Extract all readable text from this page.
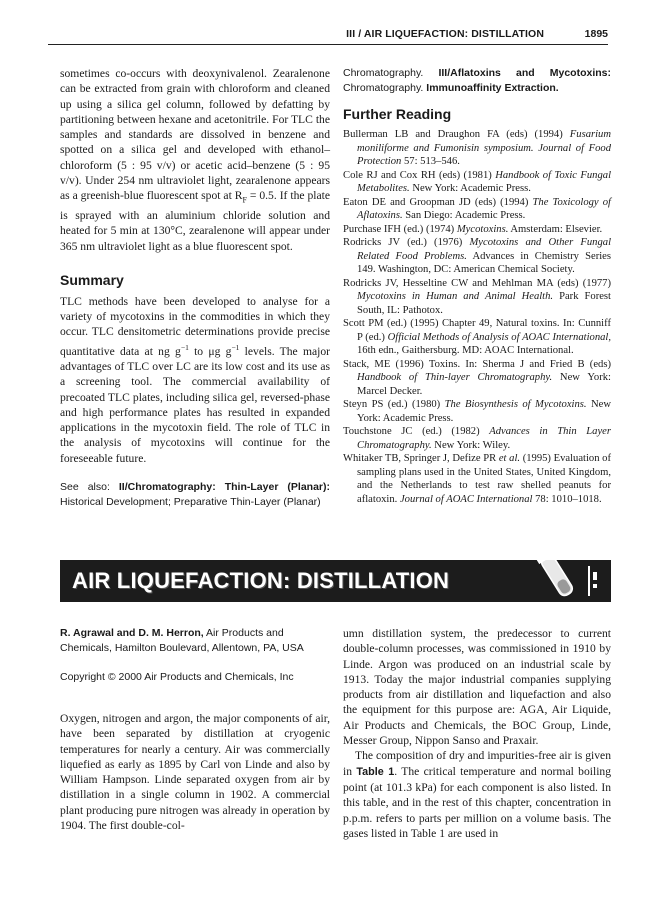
III / AIR LIQUEFACTION: DISTILLATION	1895

sometimes co-occurs with deoxynivalenol. Zearalenone can be extracted from grain with chloroform and cleaned up using a silica gel column, followed by defatting by partitioning between hexane and acetonitrile. For TLC the samples and standards are dissolved in benzene and spotted on a silica gel and developed with ethanol–chloroform (5 : 95 v/v) or acetic acid–benzene (5 : 95 v/v). Under 254 nm ultraviolet light, zearalenone appears as a greenish-blue fluorescent spot at $R_F = 0.5$. If the plate is sprayed with an aluminium chloride solution and heated for 5 min at 130°C, zearalenone will appear under 365 nm ultraviolet light as a blue fluorescent spot.

Summary

TLC methods have been developed to analyse for a variety of mycotoxins in the commodities in which they occur. TLC densitometric determinations provide precise quantitative data at ng $g^{-1}$ to μg $g^{-1}$ levels. The major advantages of TLC over LC are its low cost and its use as a screening tool. The commercial availability of precoated TLC plates, including silica gel, reversed-phase and high performance plates has resulted in expanded applications in the mycotoxin field. The role of TLC in the analysis of mycotoxins will continue for the foreseeable future.

See also: II/Chromatography: Thin-Layer (Planar): Historical Development; Preparative Thin-Layer (Planar)

Chromatography. III/Aflatoxins and Mycotoxins: Chromatography. Immunoaffinity Extraction.

Further Reading

Bullerman LB and Draughon FA (eds) (1994) Fusarium moniliforme and Fumonisin symposium. Journal of Food Protection 57: 513–546.

Cole RJ and Cox RH (eds) (1981) Handbook of Toxic Fungal Metabolites. New York: Academic Press.

Eaton DE and Groopman JD (eds) (1994) The Toxicology of Aflatoxins. San Diego: Academic Press.

Purchase IFH (ed.) (1974) Mycotoxins. Amsterdam: Elsevier.

Rodricks JV (ed.) (1976) Mycotoxins and Other Fungal Related Food Problems. Advances in Chemistry Series 149. Washington, DC: American Chemical Society.

Rodricks JV, Hesseltine CW and Mehlman MA (eds) (1977) Mycotoxins in Human and Animal Health. Park Forest South, IL: Pathotox.

Scott PM (ed.) (1995) Chapter 49, Natural toxins. In: Cunniff P (ed.) Official Methods of Analysis of AOAC International, 16th edn., Gaithersburg. MD: AOAC International.

Stack, ME (1996) Toxins. In: Sherma J and Fried B (eds) Handbook of Thin-layer Chromatography. New York: Marcel Decker.

Steyn PS (ed.) (1980) The Biosynthesis of Mycotoxins. New York: Academic Press.

Touchstone JC (ed.) (1982) Advances in Thin Layer Chromatography. New York: Wiley.

Whitaker TB, Springer J, Defize PR et al. (1995) Evaluation of sampling plans used in the United States, United Kingdom, and the Netherlands to test raw shelled peanuts for aflatoxin. Journal of AOAC International 78: 1010–1018.

AIR LIQUEFACTION: DISTILLATION

R. Agrawal and D. M. Herron, Air Products and Chemicals, Hamilton Boulevard, Allentown, PA, USA

Copyright © 2000 Air Products and Chemicals, Inc

Oxygen, nitrogen and argon, the major components of air, have been separated by distillation at cryogenic temperatures for nearly a century. Air was commercially liquefied as early as 1895 by Carl von Linde and also by William Hampson. Linde separated oxygen from air by distillation in a single column in 1902. A commercial plant producing pure nitrogen was already in operation by 1904. The first double-col-

umn distillation system, the predecessor to current double-column processes, was commissioned in 1910 by Linde. Argon was produced on an industrial scale by 1913. Today the major industrial companies supplying products from air distillation and liquefaction and also the equipment for this purpose are: AGA, Air Liquide, Air Products and Chemicals, the BOC Group, Linde, Messer Group, Nippon Sanso and Praxair.

The composition of dry and impurities-free air is given in Table 1. The critical temperature and normal boiling point (at 101.3 kPa) for each component is also listed. In this table, and in the rest of this chapter, concentration in p.p.m. refers to parts per million on a volume basis. The gases listed in Table 1 are used in
